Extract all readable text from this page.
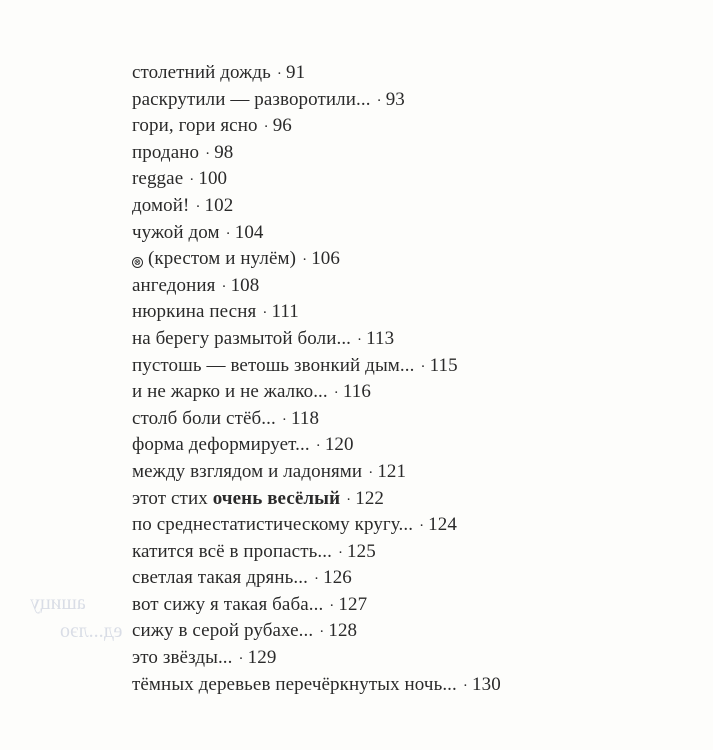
ашицу
ед...лэо
столетний дождь · 91
раскрутили — разворотили... · 93
гори, гори ясно · 96
продано · 98
reggae · 100
домой! · 102
чужой дом · 104
⊗ (крестом и нулём) · 106
ангедония · 108
нюркина песня · 111
на берегу размытой боли... · 113
пустошь — ветошь звонкий дым... · 115
и не жарко и не жалко... · 116
столб боли стёб... · 118
форма деформирует... · 120
между взглядом и ладонями · 121
этот стих очень весёлый · 122
по среднестатистическому кругу... · 124
катится всё в пропасть... · 125
светлая такая дрянь... · 126
вот сижу я такая баба... · 127
сижу в серой рубахе... · 128
это звёзды... · 129
тёмных деревьев перечёркнутых ночь... · 130
